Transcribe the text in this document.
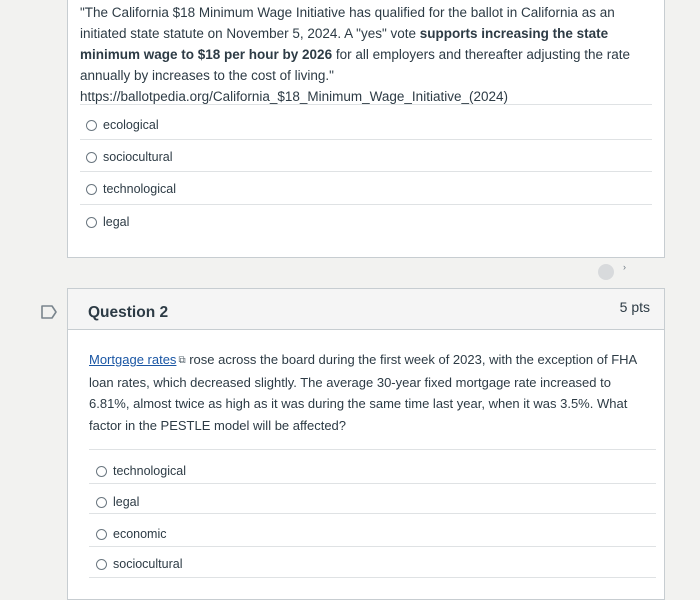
"The California $18 Minimum Wage Initiative has qualified for the ballot in California as an initiated state statute on November 5, 2024. A "yes" vote supports increasing the state minimum wage to $18 per hour by 2026 for all employers and thereafter adjusting the rate annually by increases to the cost of living." https://ballotpedia.org/California_$18_Minimum_Wage_Initiative_(2024)
ecological
sociocultural
technological
legal
›
Question 2	5 pts
Mortgage rates ⧉ rose across the board during the first week of 2023, with the exception of FHA loan rates, which decreased slightly. The average 30-year fixed mortgage rate increased to 6.81%, almost twice as high as it was during the same time last year, when it was 3.5%. What factor in the PESTLE model will be affected?
technological
legal
economic
sociocultural
